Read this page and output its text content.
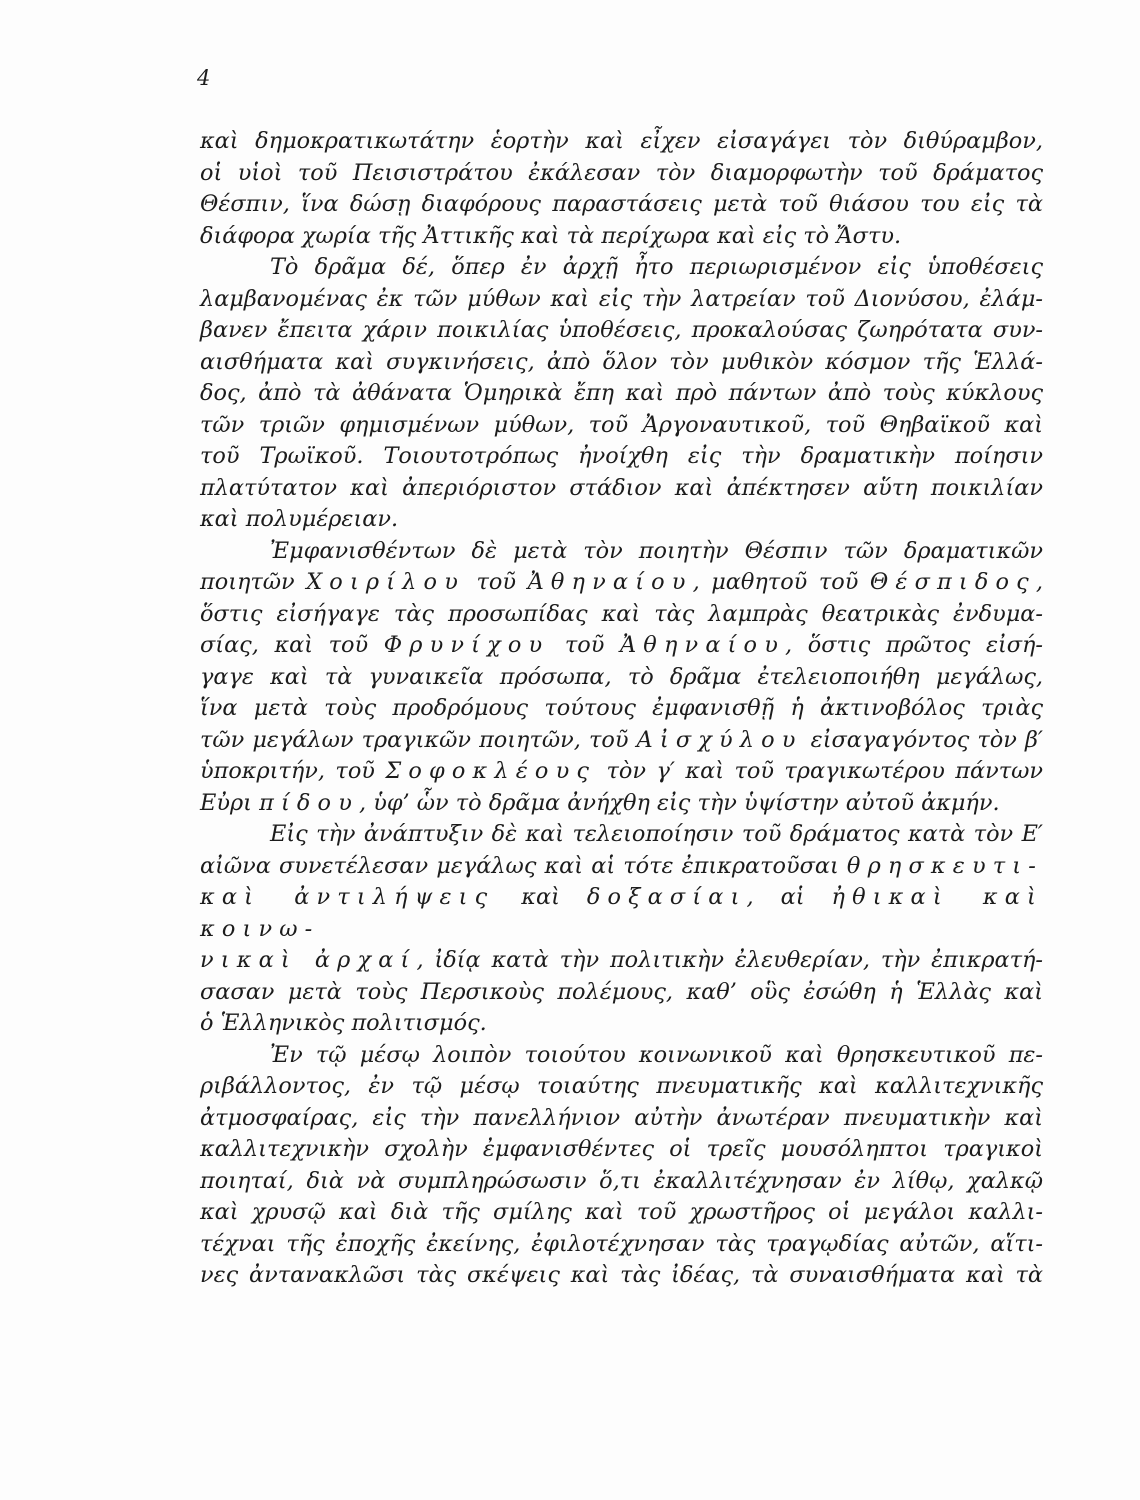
4

καὶ δημοκρατικωτάτην ἑορτὴν καὶ εἶχεν εἰσαγάγει τὸν διθύραμβον,

οἱ υἱοὶ τοῦ Πεισιστράτου ἐκάλεσαν τὸν διαμορφωτὴν τοῦ δράματος

Θέσπιν, ἵνα δώσῃ διαφόρους παραστάσεις μετὰ τοῦ θιάσου του εἰς τὰ

διάφορα χωρία τῆς Ἀττικῆς καὶ τὰ περίχωρα καὶ εἰς τὸ Ἄστυ.

Τὸ δρᾶμα δέ, ὅπερ ἐν ἀρχῇ ἦτο περιωρισμένον εἰς ὑποθέσεις

λαμβανομένας ἐκ τῶν μύθων καὶ εἰς τὴν λατρείαν τοῦ Διονύσου, ἐλάμ-

βανεν ἔπειτα χάριν ποικιλίας ὑποθέσεις, προκαλούσας ζωηρότατα συν-

αισθήματα καὶ συγκινήσεις, ἀπὸ ὅλον τὸν μυθικὸν κόσμον τῆς Ἑλλά-

δος, ἀπὸ τὰ ἀθάνατα Ὁμηρικὰ ἔπη καὶ πρὸ πάντων ἀπὸ τοὺς κύκλους

τῶν τριῶν φημισμένων μύθων, τοῦ Ἀργοναυτικοῦ, τοῦ Θηβαϊκοῦ καὶ

τοῦ Τρωϊκοῦ. Τοιουτοτρόπως ἠνοίχθη εἰς τὴν δραματικὴν ποίησιν

πλατύτατον καὶ ἀπεριόριστον στάδιον καὶ ἀπέκτησεν αὕτη ποικιλίαν

καὶ πολυμέρειαν.

Ἐμφανισθέντων δὲ μετὰ τὸν ποιητὴν Θέσπιν τῶν δραματικῶν

ποιητῶν Χοιρίλου τοῦ Ἀθηναίου, μαθητοῦ τοῦ Θέσπιδος,

ὅστις εἰσήγαγε τὰς προσωπίδας καὶ τὰς λαμπρὰς θεατρικὰς ἐνδυμα-

σίας, καὶ τοῦ Φρυνίχου τοῦ Ἀθηναίου, ὅστις πρῶτος εἰσή-

γαγε καὶ τὰ γυναικεῖα πρόσωπα, τὸ δρᾶμα ἐτελειοποιήθη μεγάλως,

ἵνα μετὰ τοὺς προδρόμους τούτους ἐμφανισθῇ ἡ ἀκτινοβόλος τριὰς

τῶν μεγάλων τραγικῶν ποιητῶν, τοῦ Αἰσχύλου εἰσαγαγόντος τὸν β′

ὑποκριτήν, τοῦ Σοφοκλέους τὸν γ′ καὶ τοῦ τραγικωτέρου πάντων

Εὐριπίδου, ὑφ’ ὧν τὸ δρᾶμα ἀνήχθη εἰς τὴν ὑψίστην αὐτοῦ ἀκμήν.

Εἰς τὴν ἀνάπτυξιν δὲ καὶ τελειοποίησιν τοῦ δράματος κατὰ τὸν Ε′

αἰῶνα συνετέλεσαν μεγάλως καὶ αἱ τότε ἐπικρατοῦσαι θρησκευτι-

καὶ ἀντιλήψεις καὶ δοξασίαι, αἱ ἠθικαὶ καὶ κοινω-

νικαὶ ἀρχαί, ἰδίᾳ κατὰ τὴν πολιτικὴν ἐλευθερίαν, τὴν ἐπικρατή-

σασαν μετὰ τοὺς Περσικοὺς πολέμους, καθ’ οὓς ἐσώθη ἡ Ἑλλὰς καὶ

ὁ Ἑλληνικὸς πολιτισμός.

Ἐν τῷ μέσῳ λοιπὸν τοιούτου κοινωνικοῦ καὶ θρησκευτικοῦ πε-

ριβάλλοντος, ἐν τῷ μέσῳ τοιαύτης πνευματικῆς καὶ καλλιτεχνικῆς

ἀτμοσφαίρας, εἰς τὴν πανελλήνιον αὐτὴν ἀνωτέραν πνευματικὴν καὶ

καλλιτεχνικὴν σχολὴν ἐμφανισθέντες οἱ τρεῖς μουσόληπτοι τραγικοὶ

ποιηταί, διὰ νὰ συμπληρώσωσιν ὅ,τι ἐκαλλιτέχνησαν ἐν λίθῳ, χαλκῷ

καὶ χρυσῷ καὶ διὰ τῆς σμίλης καὶ τοῦ χρωστῆρος οἱ μεγάλοι καλλι-

τέχναι τῆς ἐποχῆς ἐκείνης, ἐφιλοτέχνησαν τὰς τραγῳδίας αὐτῶν, αἵτι-

νες ἀντανακλῶσι τὰς σκέψεις καὶ τὰς ἰδέας, τὰ συναισθήματα καὶ τὰ
